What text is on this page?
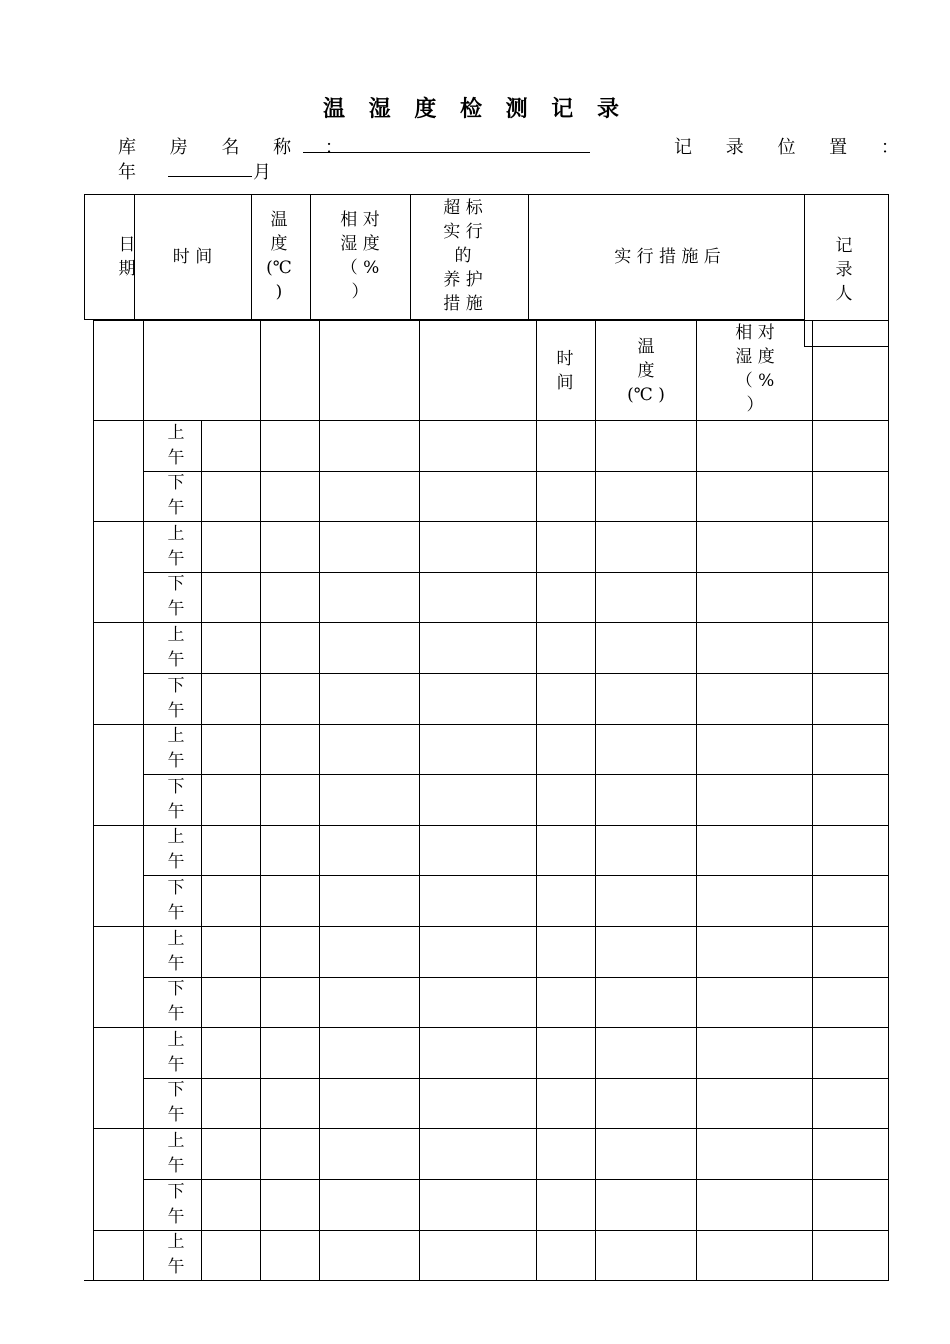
温 湿 度 检 测 记 录
库 房 名 称 ：	记 录 位 置 ：
年	月
日
期
时 间
温
度
(℃
)
相 对
湿 度
（ %
）
超 标
实 行
的
养 护
措 施
实 行 措 施 后
记
录
人
时
间
温
度
(℃ )
相 对
湿 度
（ %
）
上
午
下
午
上
午
下
午
上
午
下
午
上
午
下
午
上
午
下
午
上
午
下
午
上
午
下
午
上
午
下
午
上
午
